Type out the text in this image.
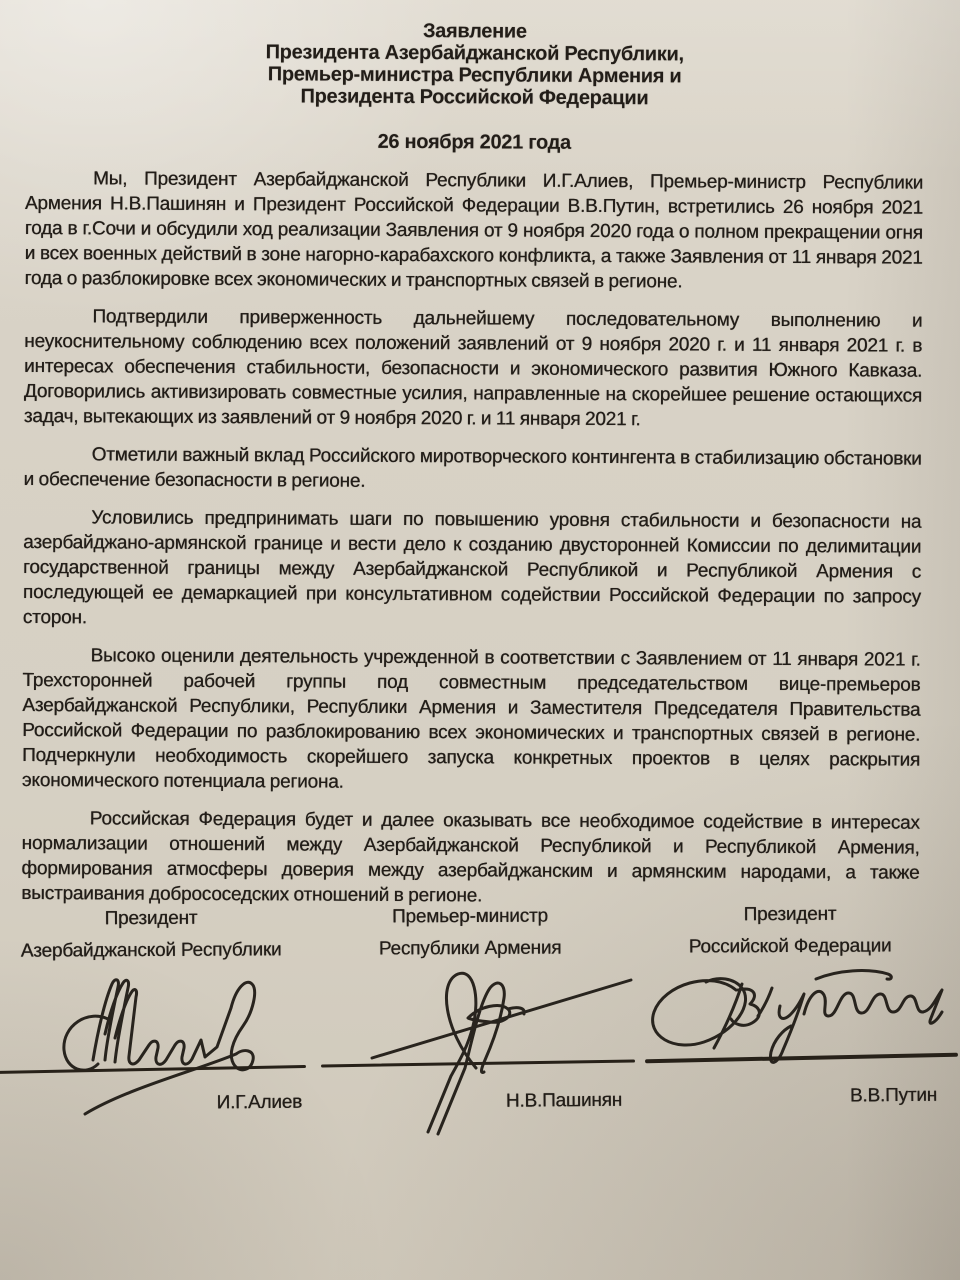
Заявление
Президента Азербайджанской Республики,
Премьер-министра Республики Армения и
Президента Российской Федерации
26 ноября 2021 года

Мы, Президент Азербайджанской Республики И.Г.Алиев, Премьер-министр Республики Армения Н.В.Пашинян и Президент Российской Федерации В.В.Путин, встретились 26 ноября 2021 года в г.Сочи и обсудили ход реализации Заявления от 9 ноября 2020 года о полном прекращении огня и всех военных действий в зоне нагорно-карабахского конфликта, а также Заявления от 11 января 2021 года о разблокировке всех экономических и транспортных связей в регионе.

Подтвердили приверженность дальнейшему последовательному выполнению и неукоснительному соблюдению всех положений заявлений от 9 ноября 2020 г. и 11 января 2021 г. в интересах обеспечения стабильности, безопасности и экономического развития Южного Кавказа. Договорились активизировать совместные усилия, направленные на скорейшее решение остающихся задач, вытекающих из заявлений от 9 ноября 2020 г. и 11 января 2021 г.

Отметили важный вклад Российского миротворческого контингента в стабилизацию обстановки и обеспечение безопасности в регионе.

Условились предпринимать шаги по повышению уровня стабильности и безопасности на азербайджано-армянской границе и вести дело к созданию двусторонней Комиссии по делимитации государственной границы между Азербайджанской Республикой и Республикой Армения с последующей ее демаркацией при консультативном содействии Российской Федерации по запросу сторон.

Высоко оценили деятельность учрежденной в соответствии с Заявлением от 11 января 2021 г. Трехсторонней рабочей группы под совместным председательством вице-премьеров Азербайджанской Республики, Республики Армения и Заместителя Председателя Правительства Российской Федерации по разблокированию всех экономических и транспортных связей в регионе. Подчеркнули необходимость скорейшего запуска конкретных проектов в целях раскрытия экономического потенциала региона.

Российская Федерация будет и далее оказывать все необходимое содействие в интересах нормализации отношений между Азербайджанской Республикой и Республикой Армения, формирования атмосферы доверия между азербайджанским и армянским народами, а также выстраивания добрососедских отношений в регионе.

Президент
Азербайджанской Республики
Премьер-министр
Республики Армения
Президент
Российской Федерации
И.Г.Алиев	Н.В.Пашинян	В.В.Путин
